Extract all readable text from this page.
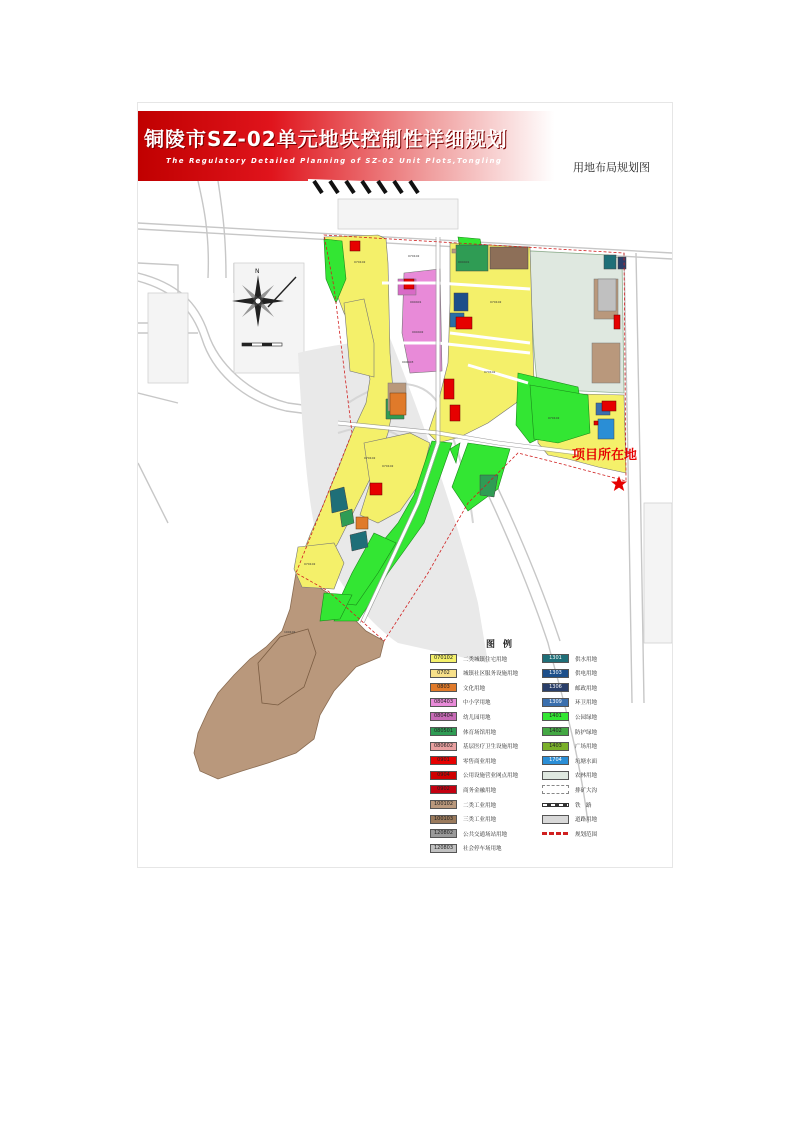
铜陵市SZ-02单元地块控制性详细规划
The Regulatory Detailed Planning of SZ-02 Unit Plots,Tongling	用地布局规划图
070102
070102
090401
090402
090403
070102
070102
090401
070102
070102
070102
070102
100102
N
项目所在地
图例
070102	二类城镇住宅用地
0702	城镇社区服务设施用地
0803	文化用地
080403	中小学用地
080404	幼儿园用地
080501	体育场馆用地
080602	基层医疗卫生设施用地
0901	零售商业用地
0904	公用设施营业网点用地
0902	商务金融用地
100102	二类工业用地
100103	三类工业用地
120802	公共交通场站用地
120803	社会停车场用地
1301	供水用地
1303	供电用地
1306	邮政用地
1309	环卫用地
1401	公园绿地
1402	防护绿地
1403	广场用地
1704	坑塘水面
农林用地
排矿大沟
铁　路
道路用地
规划范围
